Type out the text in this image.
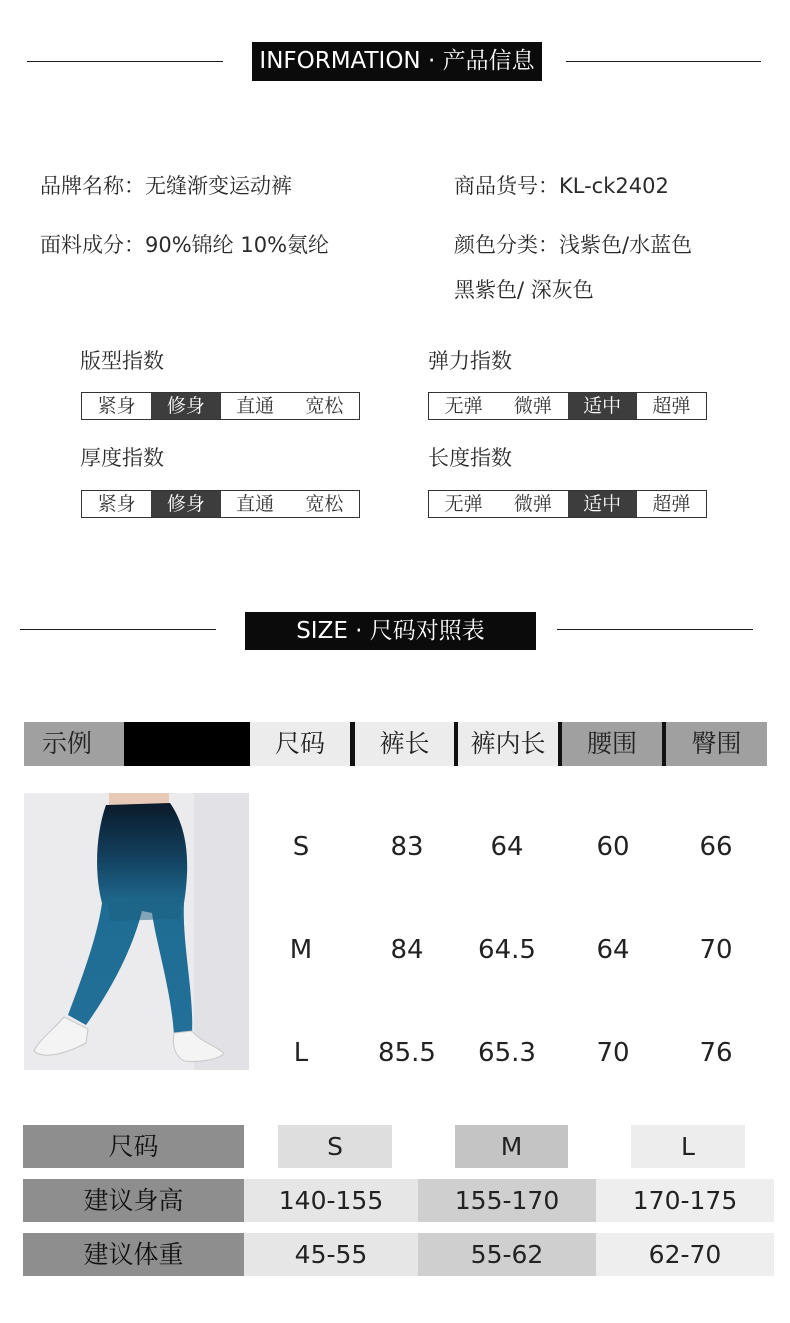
INFORMATION · 产品信息
品牌名称：无缝渐变运动裤	商品货号：KL-ck2402
面料成分：90%锦纶 10%氨纶	颜色分类：浅紫色/水蓝色
黑紫色/ 深灰色
版型指数
紧身	修身	直通	宽松
弹力指数
无弹	微弹	适中	超弹
厚度指数
紧身	修身	直通	宽松
长度指数
无弹	微弹	适中	超弹
SIZE · 尺码对照表
示例	尺码	裤长	裤内长	腰围	臀围
S	83	64	60	66
M	84	64.5	64	70
L	85.5	65.3	70	76
尺码	S	M	L
建议身高	140-155	155-170	170-175
建议体重	45-55	55-62	62-70
